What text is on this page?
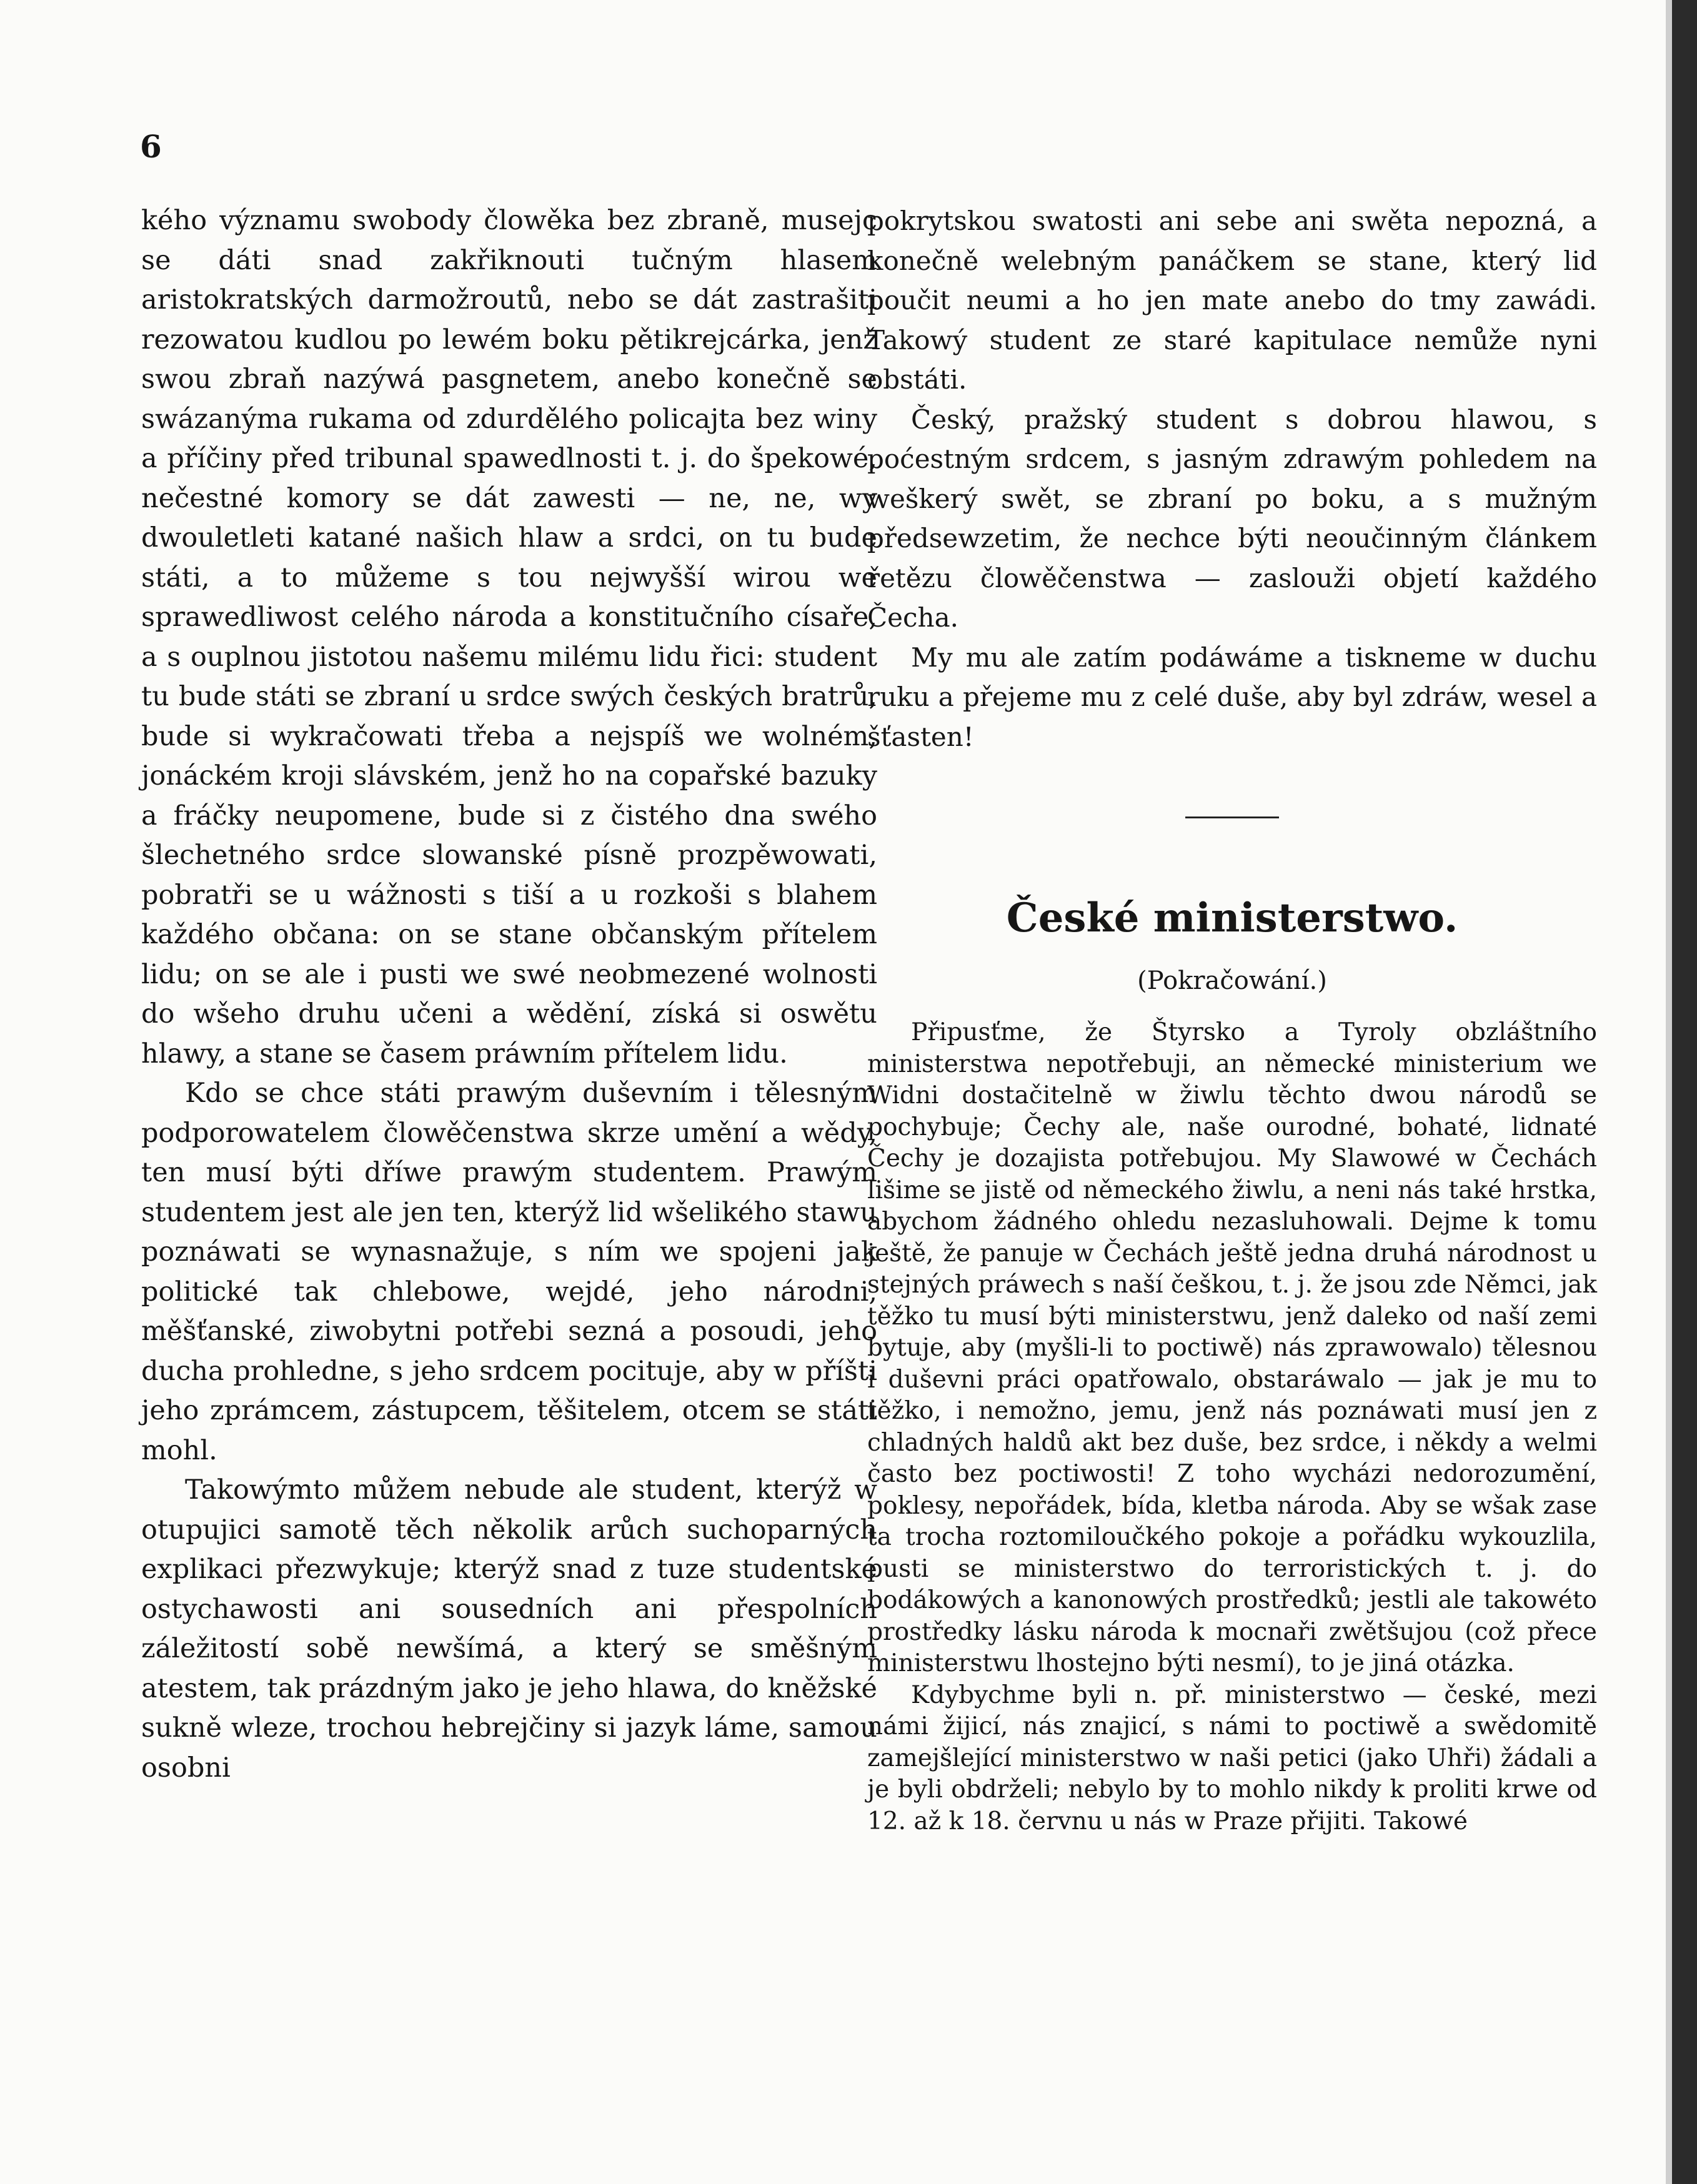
6

kého významu swobody člowěka bez zbraně, musejc se dáti snad zakřiknouti tučným hlasem aristokratských darmožroutů, nebo se dát zastrašiti rezowatou kudlou po lewém boku pětikrejcárka, jenž swou zbraň nazýwá pasgnetem, anebo konečně se swázanýma rukama od zdurdělého policajta bez winy a příčiny před tribunal spawedlnosti t. j. do špekowé, nečestné komory se dát zawesti — ne, ne, wy dwouletleti katané našich hlaw a srdci, on tu bude státi, a to můžeme s tou nejwyšší wirou we sprawedliwost celého národa a konstitučního císaře, a s ouplnou jistotou našemu milému lidu řici: student tu bude státi se zbraní u srdce swých českých bratrů, bude si wykračowati třeba a nejspíš we wolném, jonáckém kroji slávském, jenž ho na copařské bazuky a fráčky neupomene, bude si z čistého dna swého šlechetného srdce slowanské písně prozpěwowati, pobratři se u wážnosti s tiší a u rozkoši s blahem každého občana: on se stane občanským přítelem lidu; on se ale i pusti we swé neobmezené wolnosti do wšeho druhu učeni a wědění, získá si oswětu hlawy, a stane se časem práwním přítelem lidu.

Kdo se chce státi prawým duševním i tělesným podporowatelem člowěčenstwa skrze umění a wědy, ten musí býti dříwe prawým studentem. Prawým studentem jest ale jen ten, kterýž lid wšelikého stawu poznáwati se wynasnažuje, s ním we spojeni jak politické tak chlebowe, wejdé, jeho národni, měšťanské, ziwobytni potřebi sezná a posoudi, jeho ducha prohledne, s jeho srdcem pocituje, aby w příšti jeho zprámcem, zástupcem, těšitelem, otcem se státi mohl.

Takowýmto můžem nebude ale student, kterýž w otupujici samotě těch několik arůch suchoparných explikaci přezwykuje; kterýž snad z tuze studentské ostychawosti ani sousedních ani přespolních záležitostí sobě newšímá, a který se směšným atestem, tak prázdným jako je jeho hlawa, do kněžské sukně wleze, trochou hebrejčiny si jazyk láme, samou osobni

pokrytskou swatosti ani sebe ani swěta nepozná, a konečně welebným panáčkem se stane, který lid poučit neumi a ho jen mate anebo do tmy zawádi. Takowý student ze staré kapitulace nemůže nyni obstáti.

Český, pražský student s dobrou hlawou, s poćestným srdcem, s jasným zdrawým pohledem na weškerý swět, se zbraní po boku, a s mužným předsewzetim, že nechce býti neoučinným článkem řetězu člowěčenstwa — zaslouži objetí každého Čecha.

My mu ale zatím podáwáme a tiskneme w duchu ruku a přejeme mu z celé duše, aby byl zdráw, wesel a šťasten!

České ministerstwo.
(Pokračowání.)

Připusťme, že Štyrsko a Tyroly obzláštního ministerstwa nepotřebuji, an německé ministerium we Widni dostačitelně w žiwlu těchto dwou národů se pochybuje; Čechy ale, naše ourodné, bohaté, lidnaté Čechy je dozajista potřebujou. My Slawowé w Čechách lišime se jistě od německého žiwlu, a neni nás také hrstka, abychom žádného ohledu nezasluhowali. Dejme k tomu ještě, že panuje w Čechách ještě jedna druhá národnost u stejných práwech s naší češkou, t. j. že jsou zde Němci, jak těžko tu musí býti ministerstwu, jenž daleko od naší zemi bytuje, aby (myšli-li to poctiwě) nás zprawowalo) tělesnou i duševni práci opatřowalo, obstaráwalo — jak je mu to těžko, i nemožno, jemu, jenž nás poznáwati musí jen z chladných haldů akt bez duše, bez srdce, i někdy a welmi často bez poctiwosti! Z toho wycházi nedorozumění, poklesy, nepořádek, bída, kletba národa. Aby se wšak zase ta trocha roztomiloučkého pokoje a pořádku wykouzlila, pusti se ministerstwo do terroristických t. j. do bodákowých a kanonowých prostředků; jestli ale takowéto prostředky lásku národa k mocnaři zwětšujou (což přece ministerstwu lhostejno býti nesmí), to je jiná otázka.

Kdybychme byli n. př. ministerstwo — české, mezi námi žijicí, nás znajicí, s námi to poctiwě a swědomitě zamejšlející ministerstwo w naši petici (jako Uhři) žádali a je byli obdrželi; nebylo by to mohlo nikdy k proliti krwe od 12. až k 18. červnu u nás w Praze přijiti. Takowé
